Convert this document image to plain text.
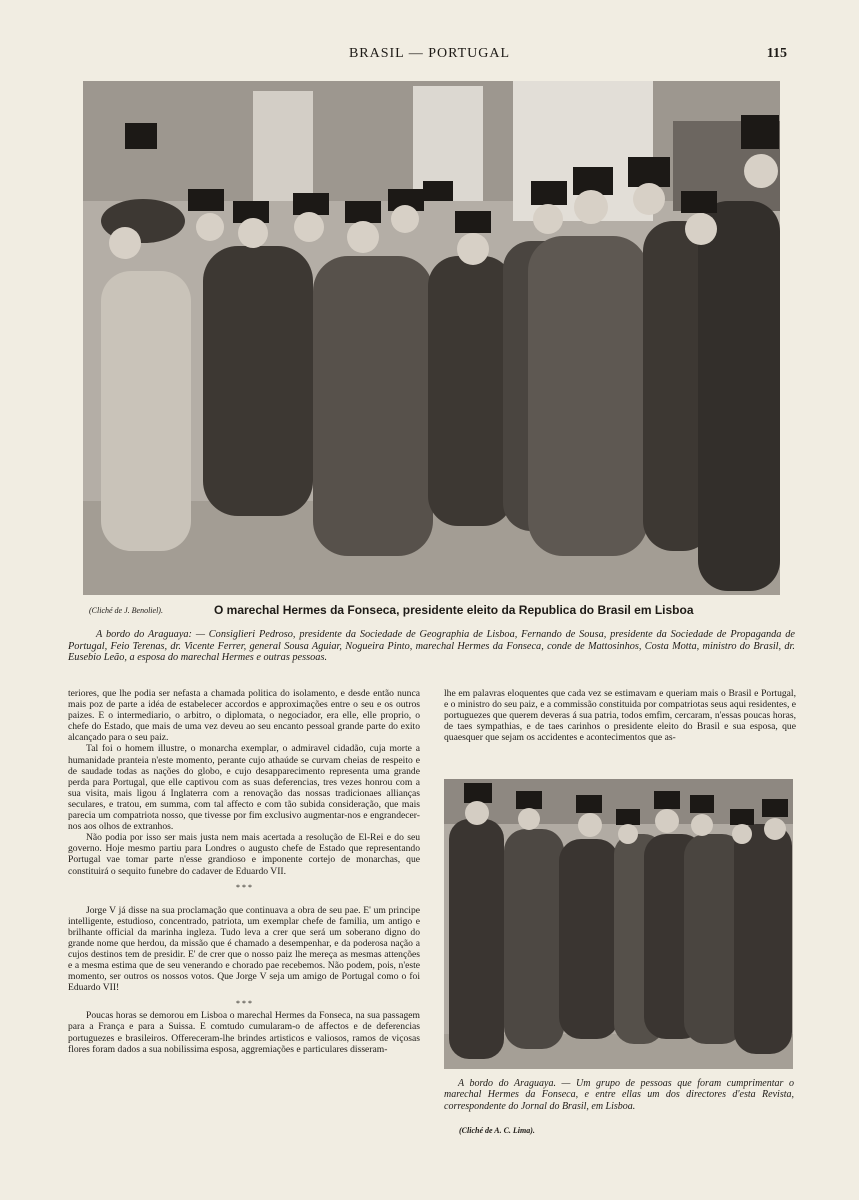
BRASIL — PORTUGAL	115
(Cliché de J. Benoliel).	O marechal Hermes da Fonseca, presidente eleito da Republica do Brasil em Lisboa
A bordo do Araguaya: — Consiglieri Pedroso, presidente da Sociedade de Geographia de Lisboa, Fernando de Sousa, presidente da Sociedade de Propaganda de Portugal, Feio Terenas, dr. Vicente Ferrer, general Sousa Aguiar, Nogueira Pinto, marechal Hermes da Fonseca, conde de Mattosinhos, Costa Motta, ministro do Brasil, dr. Eusebio Leão, a esposa do marechal Hermes e outras pessoas.

teriores, que lhe podia ser nefasta a chamada politica do isolamento, e desde então nunca mais poz de parte a idéa de estabelecer accordos e approximações entre o seu e os outros paizes. E o intermediario, o arbitro, o diplomata, o negociador, era elle, elle proprio, o chefe do Estado, que mais de uma vez deveu ao seu encanto pessoal grande parte do exito alcançado para o seu paiz.

Tal foi o homem illustre, o monarcha exemplar, o admiravel cidadão, cuja morte a humanidade pranteia n'este momento, perante cujo athaúde se curvam cheias de respeito e de saudade todas as nações do globo, e cujo desapparecimento representa uma grande perda para Portugal, que elle captivou com as suas deferencias, tres vezes honrou com a sua visita, mais ligou á Inglaterra com a renovação das nossas tradicionaes allianças seculares, e tratou, em summa, com tal affecto e com tão subida consideração, que mais parecia um compatriota nosso, que tivesse por fim exclusivo augmentar-nos e engrandecer-nos aos olhos de extranhos.

Não podia por isso ser mais justa nem mais acertada a resolução de El-Rei e do seu governo. Hoje mesmo partiu para Londres o augusto chefe de Estado que representando Portugal vae tomar parte n'esse grandioso e imponente cortejo de monarchas, que constituirá o sequito funebre do cadaver de Eduardo VII.

* * *

Jorge V já disse na sua proclamação que continuava a obra de seu pae. E' um principe intelligente, estudioso, concentrado, patriota, um exemplar chefe de familia, um antigo e brilhante official da marinha ingleza. Tudo leva a crer que será um soberano digno do grande nome que herdou, da missão que é chamado a desempenhar, e da poderosa nação a cujos destinos tem de presidir. E' de crer que o nosso paiz lhe mereça as mesmas attenções e a mesma estima que de seu venerando e chorado pae recebemos. Não podem, pois, n'este momento, ser outros os nossos votos. Que Jorge V seja um amigo de Portugal como o foi Eduardo VII!

* * *

Poucas horas se demorou em Lisboa o marechal Hermes da Fonseca, na sua passagem para a França e para a Suissa. E comtudo cumularam-o de affectos e de deferencias portuguezes e brasileiros. Offereceram-lhe brindes artisticos e valiosos, ramos de viçosas flores foram dados a sua nobilissima esposa, aggremiações e particulares disseram-

lhe em palavras eloquentes que cada vez se estimavam e queriam mais o Brasil e Portugal, e o ministro do seu paiz, e a commissão constituida por compatriotas seus aqui residentes, e portuguezes que querem deveras á sua patria, todos emfim, cercaram, n'essas poucas horas, de taes sympathias, e de taes carinhos o presidente eleito do Brasil e sua esposa, que quaesquer que sejam os accidentes e acontecimentos que as-

A bordo do Araguaya. — Um grupo de pessoas que foram cumprimentar o marechal Hermes da Fonseca, e entre ellas um dos directores d'esta Revista, correspondente do Jornal do Brasil, em Lisboa.
(Cliché de A. C. Lima).
